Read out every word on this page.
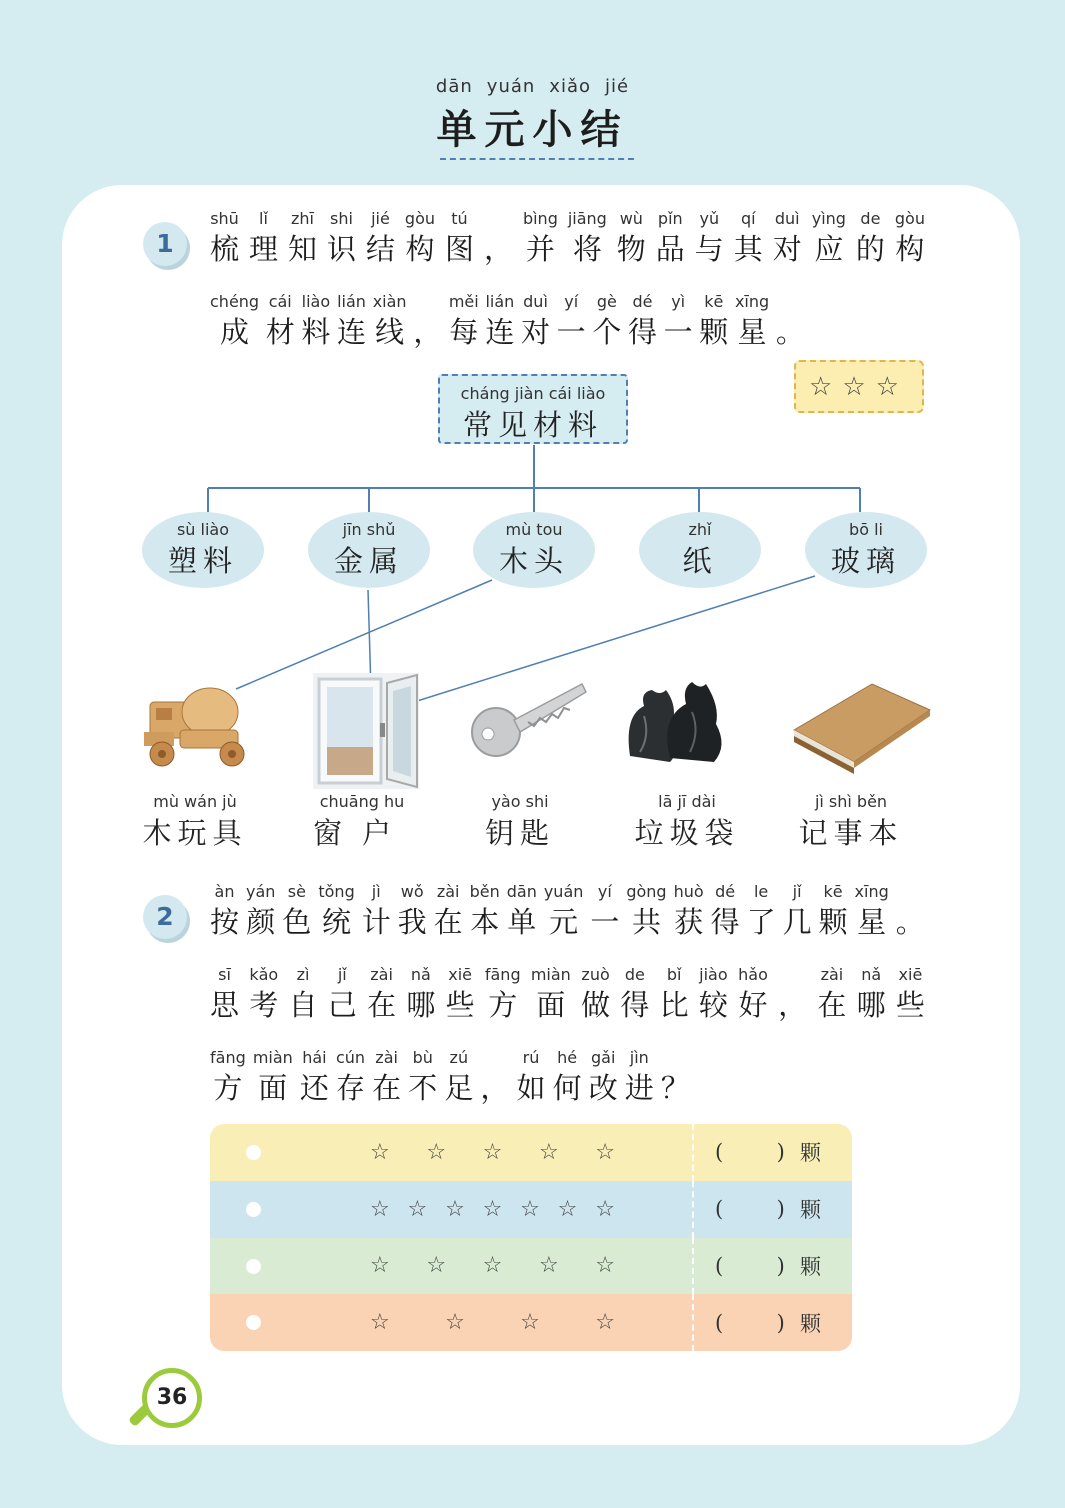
dān yuán xiǎo jié
单元小结
1
shū
梳
lǐ
理
zhī
知
shi
识
jié
结
gòu
构
tú
图 ，
bìng
并
jiāng
将
wù
物
pǐn
品
yǔ
与
qí
其
duì
对
yìng
应
de
的
gòu
构
chéng
成
cái
材
liào
料
lián
连
xiàn
线 ，
měi
每
lián
连
duì
对
yí
一
gè
个
dé
得
yì
一
kē
颗
xīng
星 。
☆☆☆
cháng jiàn cái liào
常见材料
sù liào
塑料
jīn shǔ
金属
mù tou
木头
zhǐ
纸
bō li
玻璃
mù wán jù
木玩具
chuāng hu
窗户
yào shi
钥匙
lā jī dài
垃圾袋
jì shì běn
记事本
2
àn
按
yán
颜
sè
色
tǒng
统
jì
计
wǒ
我
zài
在
běn
本
dān
单
yuán
元
yí
一
gòng
共
huò
获
dé
得
le
了
jǐ
几
kē
颗
xīng
星 。
sī
思
kǎo
考
zì
自
jǐ
己
zài
在
nǎ
哪
xiē
些
fāng
方
miàn
面
zuò
做
de
得
bǐ
比
jiào
较
hǎo
好 ，
zài
在
nǎ
哪
xiē
些
fāng
方
miàn
面
hái
还
cún
存
zài
在
bù
不
zú
足 ，
rú
如
hé
何
gǎi
改
jìn
进 ？
☆ ☆ ☆ ☆ ☆	(        ) 颗
☆ ☆ ☆ ☆ ☆ ☆ ☆	(        ) 颗
☆ ☆ ☆ ☆ ☆	(        ) 颗
☆	☆	☆	☆	(        ) 颗
36
